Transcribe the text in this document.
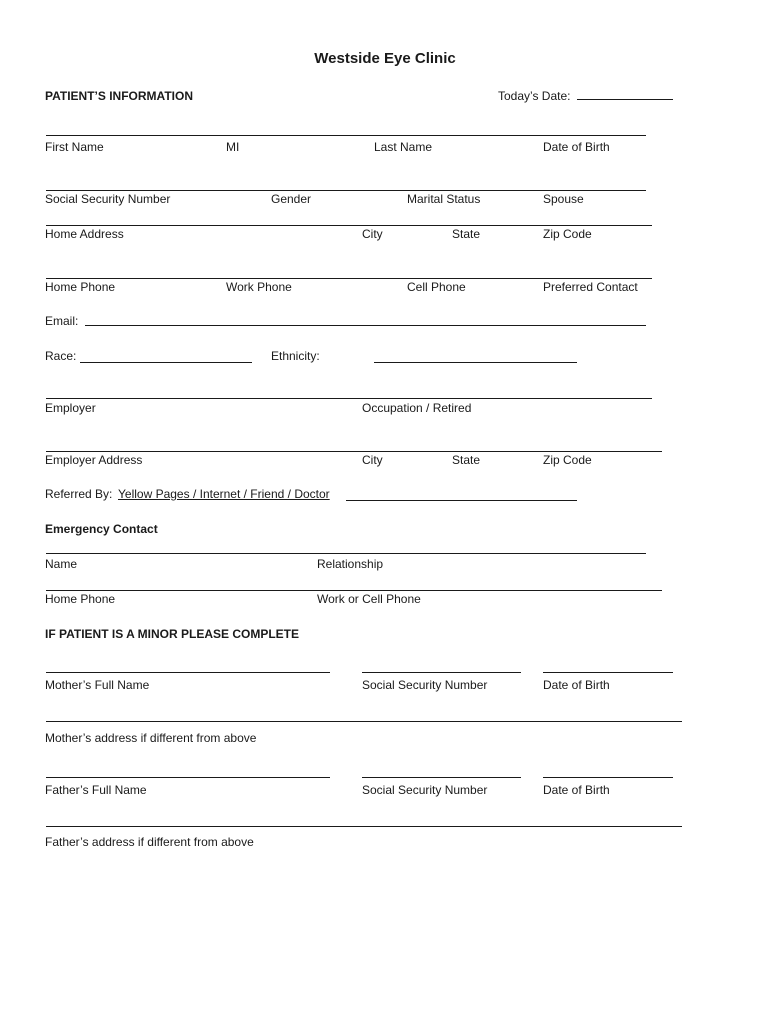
Westside Eye Clinic
PATIENT’S INFORMATION	Today’s Date:
First Name	MI	Last Name	Date of Birth
Social Security Number	Gender	Marital Status	Spouse
Home Address	City	State	Zip Code
Home Phone	Work Phone	Cell Phone	Preferred Contact
Email:
Race:	Ethnicity:
Employer	Occupation / Retired
Employer Address	City	State	Zip Code
Referred By: Yellow Pages / Internet / Friend / Doctor
Emergency Contact
Name	Relationship
Home Phone	Work or Cell Phone
IF PATIENT IS A MINOR PLEASE COMPLETE
Mother’s Full Name	Social Security Number	Date of Birth
Mother’s address if different from above
Father’s Full Name	Social Security Number	Date of Birth
Father’s address if different from above
